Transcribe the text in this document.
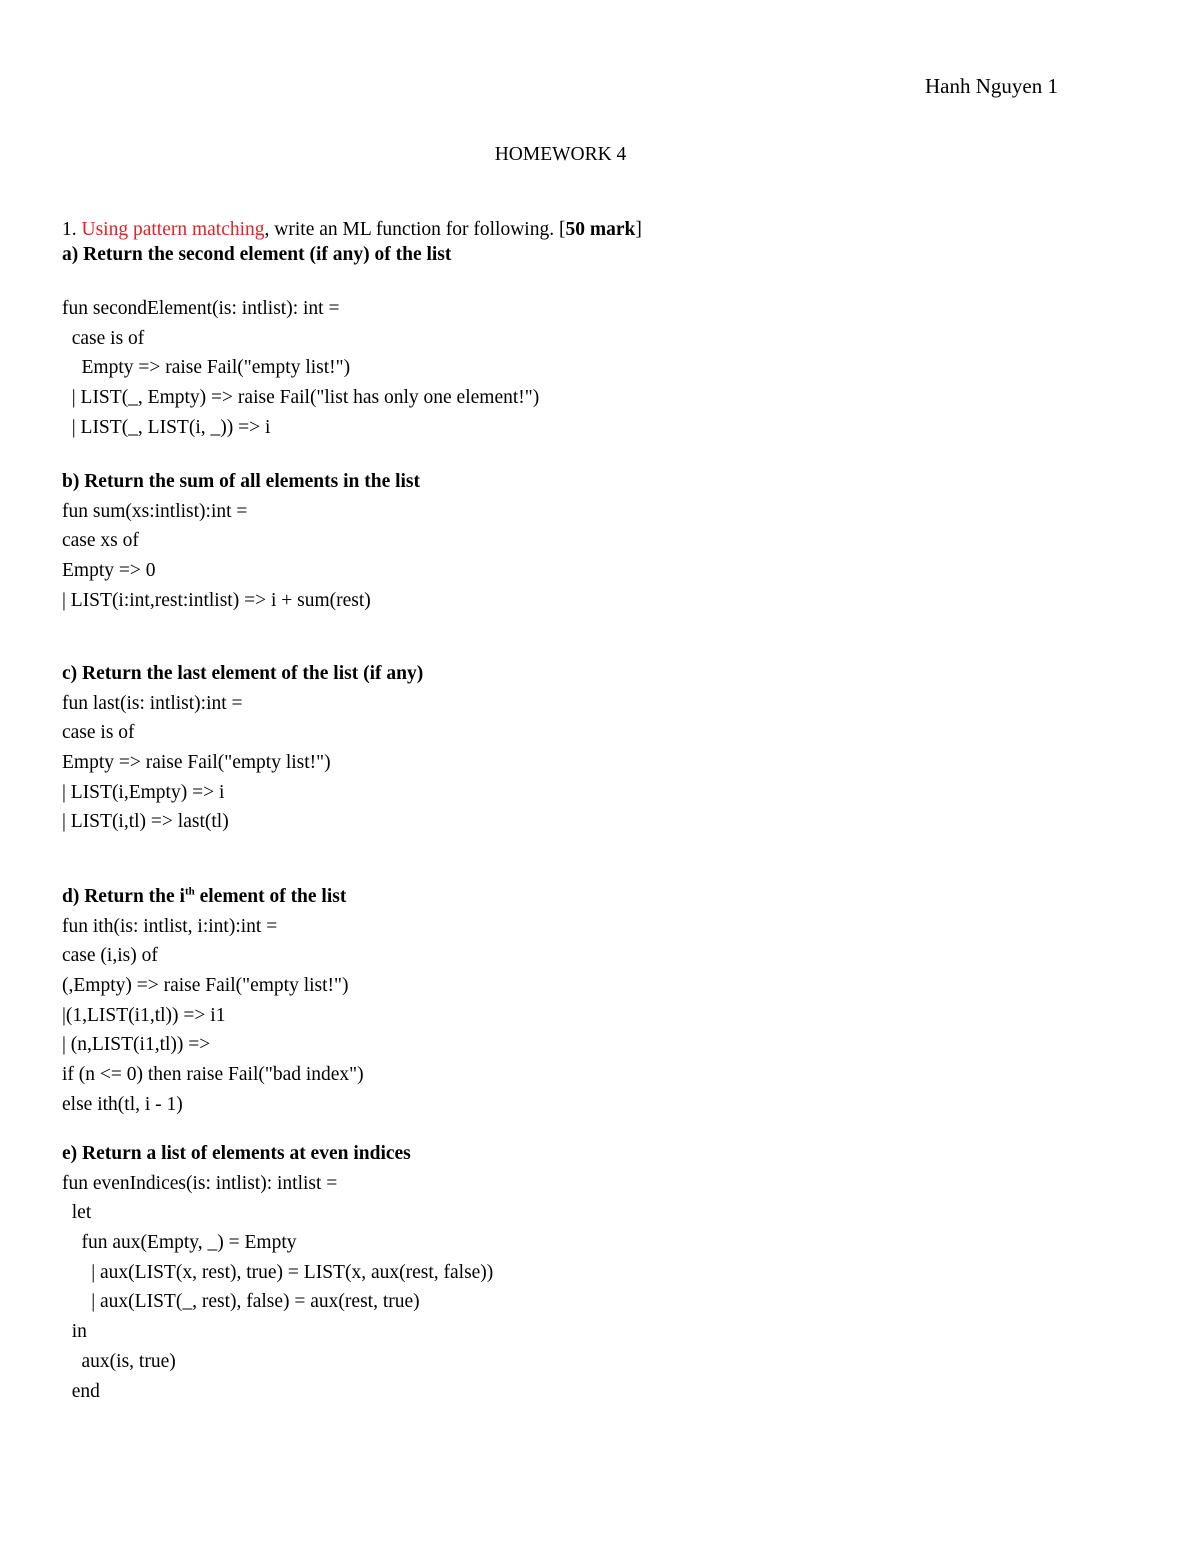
Hanh Nguyen 1
HOMEWORK 4
1. Using pattern matching, write an ML function for following. [50 mark]
a) Return the second element (if any) of the list
fun secondElement(is: intlist): int =
case is of
Empty => raise Fail("empty list!")
| LIST(_, Empty) => raise Fail("list has only one element!")
| LIST(_, LIST(i, _)) => i
b) Return the sum of all elements in the list
fun sum(xs:intlist):int =
case xs of
Empty => 0
| LIST(i:int,rest:intlist) => i + sum(rest)
c) Return the last element of the list (if any)
fun last(is: intlist):int =
case is of
Empty => raise Fail("empty list!")
| LIST(i,Empty) => i
| LIST(i,tl) => last(tl)
d) Return the $i^{th}$ element of the list
fun ith(is: intlist, i:int):int =
case (i,is) of
(,Empty) => raise Fail("empty list!")
|(1,LIST(i1,tl)) => i1
| (n,LIST(i1,tl)) =>
if (n <= 0) then raise Fail("bad index")
else ith(tl, i - 1)
e) Return a list of elements at even indices
fun evenIndices(is: intlist): intlist =
let
fun aux(Empty, _) = Empty
| aux(LIST(x, rest), true) = LIST(x, aux(rest, false))
| aux(LIST(_, rest), false) = aux(rest, true)
in
aux(is, true)
end
